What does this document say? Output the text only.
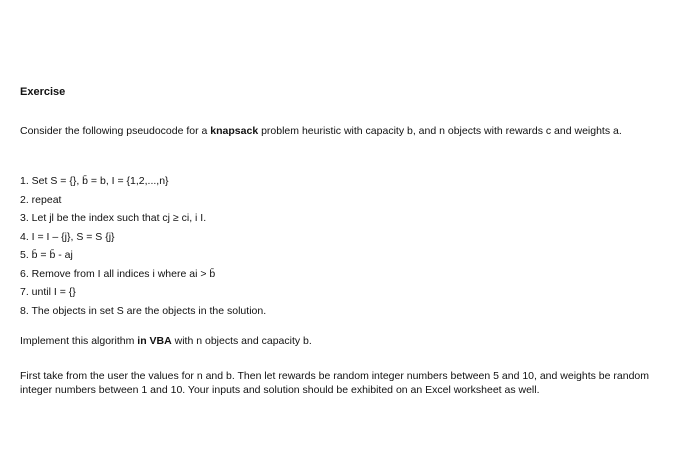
Exercise
Consider the following pseudocode for a knapsack problem heuristic with capacity b, and n objects with rewards c and weights a.
1. Set S = {}, b̄ = b, I = {1,2,...,n}
2. repeat
3. Let jl be the index such that cj ≥ ci, i I.
4. I = I – {j}, S = S {j}
5. b̄ = b̄ - aj
6. Remove from I all indices i where ai > b̄
7. until I = {}
8. The objects in set S are the objects in the solution.
Implement this algorithm in VBA with n objects and capacity b.
First take from the user the values for n and b. Then let rewards be random integer numbers between 5 and 10, and weights be random integer numbers between 1 and 10. Your inputs and solution should be exhibited on an Excel worksheet as well.
